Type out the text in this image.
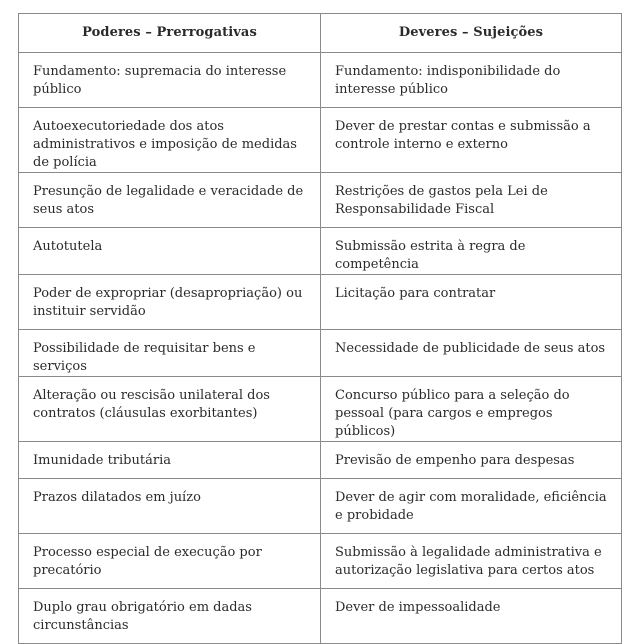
Poderes – Prerrogativas	Deveres – Sujeições
Fundamento: supremacia do interesse público	Fundamento: indisponibilidade do interesse público
Autoexecutoriedade dos atos administrativos e imposição de medidas de polícia	Dever de prestar contas e submissão a controle interno e externo
Presunção de legalidade e veracidade de seus atos	Restrições de gastos pela Lei de Responsabilidade Fiscal
Autotutela	Submissão estrita à regra de competência
Poder de expropriar (desapropriação) ou instituir servidão	Licitação para contratar
Possibilidade de requisitar bens e serviços	Necessidade de publicidade de seus atos
Alteração ou rescisão unilateral dos contratos (cláusulas exorbitantes)	Concurso público para a seleção do pessoal (para cargos e empregos públicos)
Imunidade tributária	Previsão de empenho para despesas
Prazos dilatados em juízo	Dever de agir com moralidade, eficiência e probidade
Processo especial de execução por precatório	Submissão à legalidade administrativa e autorização legislativa para certos atos
Duplo grau obrigatório em dadas circunstâncias	Dever de impessoalidade
